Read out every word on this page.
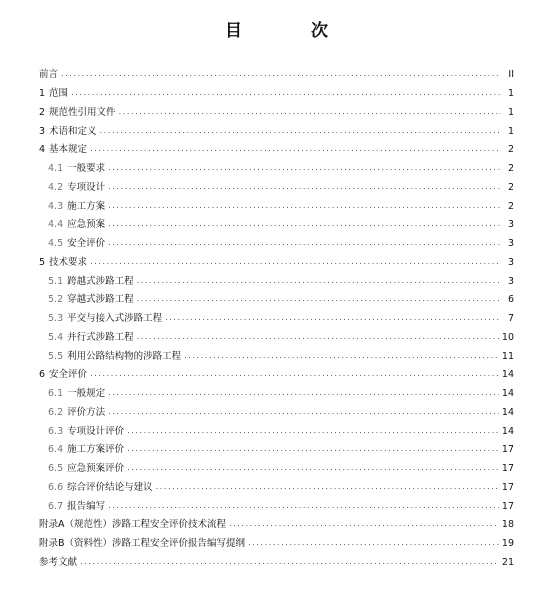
目　次
前言 .....	II
1 范围 .....	1
2 规范性引用文件 .....	1
3 术语和定义 .....	1
4 基本规定 .....	2
4.1 一般要求 .....	2
4.2 专项设计 .....	2
4.3 施工方案 .....	2
4.4 应急预案 .....	3
4.5 安全评价 .....	3
5 技术要求 .....	3
5.1 跨越式涉路工程 .....	3
5.2 穿越式涉路工程 .....	6
5.3 平交与接入式涉路工程 .....	7
5.4 并行式涉路工程 .....	10
5.5 利用公路结构物的涉路工程 .....	11
6 安全评价 .....	14
6.1 一般规定 .....	14
6.2 评价方法 .....	14
6.3 专项设计评价 .....	14
6.4 施工方案评价 .....	17
6.5 应急预案评价 .....	17
6.6 综合评价结论与建议 .....	17
6.7 报告编写 .....	17
附录A（规范性）涉路工程安全评价技术流程 .....	18
附录B（资料性）涉路工程安全评价报告编写提纲 .....	19
参考文献 .....	21
